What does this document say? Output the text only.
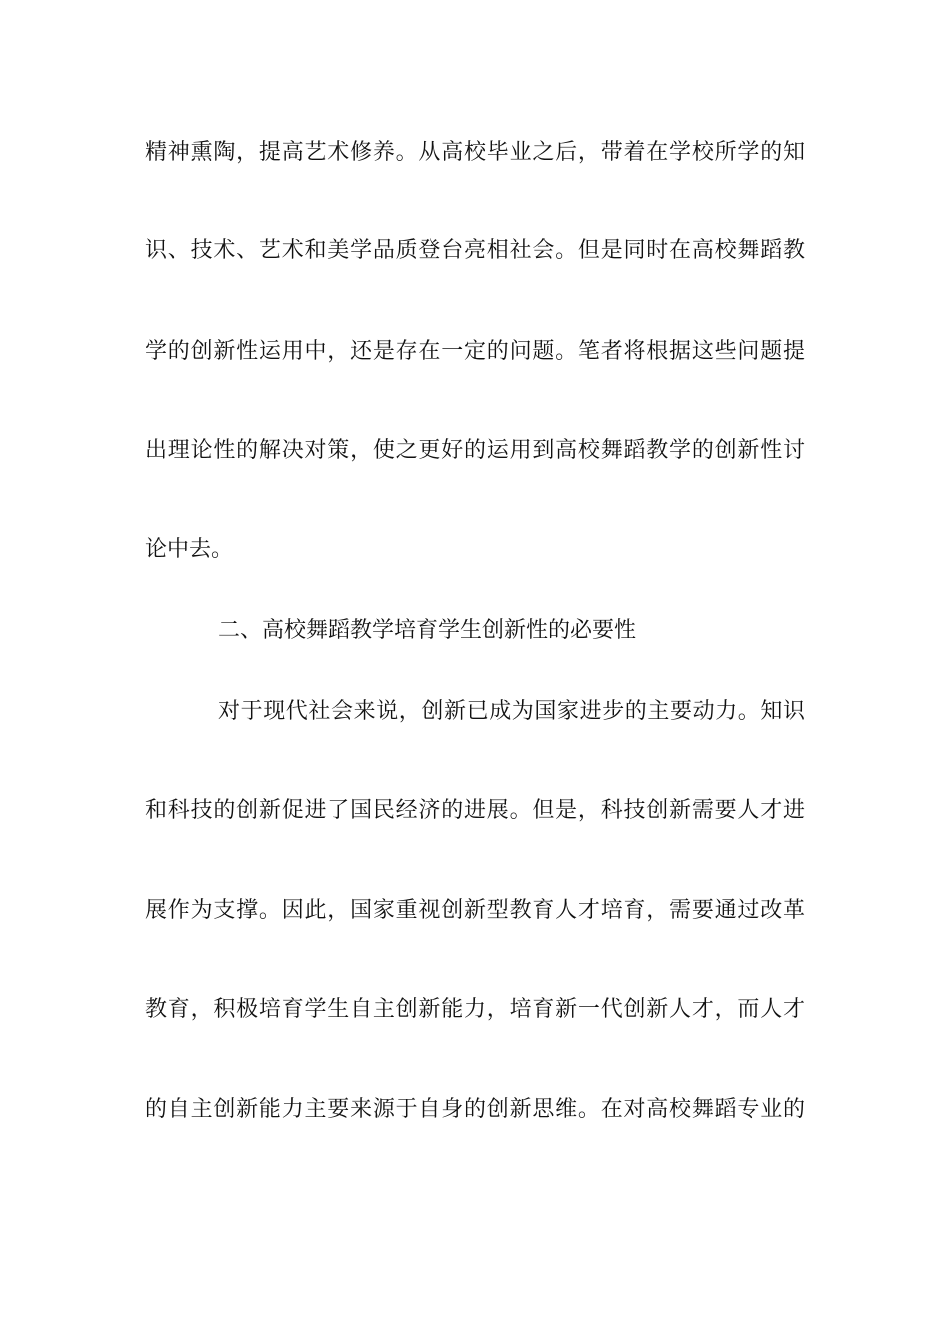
精神熏陶，提高艺术修养。从高校毕业之后，带着在学校所学的知
识、技术、艺术和美学品质登台亮相社会。但是同时在高校舞蹈教
学的创新性运用中，还是存在一定的问题。笔者将根据这些问题提
出理论性的解决对策，使之更好的运用到高校舞蹈教学的创新性讨
论中去。
二、高校舞蹈教学培育学生创新性的必要性
对于现代社会来说，创新已成为国家进步的主要动力。知识
和科技的创新促进了国民经济的进展。但是，科技创新需要人才进
展作为支撑。因此，国家重视创新型教育人才培育，需要通过改革
教育，积极培育学生自主创新能力，培育新一代创新人才，而人才
的自主创新能力主要来源于自身的创新思维。在对高校舞蹈专业的
